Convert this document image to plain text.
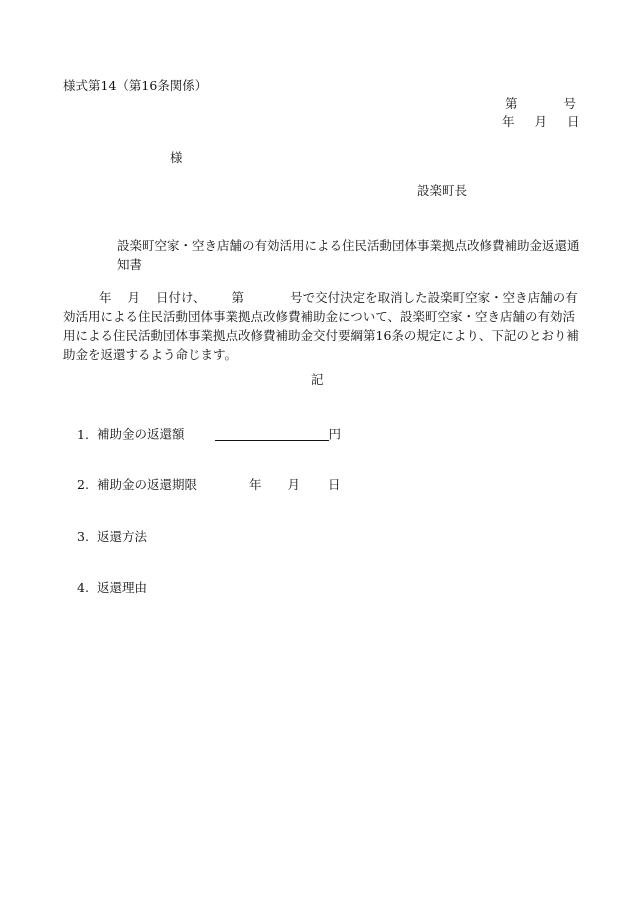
様式第14（第16条関係）
第	号
年 月 日
様
設楽町長
設楽町空家・空き店舗の有効活用による住民活動団体事業拠点改修費補助金返還通知書
年 月 日付け、 第	号で交付決定を取消した設楽町空家・空き店舗の有効活用による住民活動団体事業拠点改修費補助金について、設楽町空家・空き店舗の有効活用による住民活動団体事業拠点改修費補助金交付要綱第16条の規定により、下記のとおり補助金を返還するよう命じます。
記
1. 補助金の返還額	円
2. 補助金の返還期限	年 月 日
3. 返還方法
4. 返還理由
